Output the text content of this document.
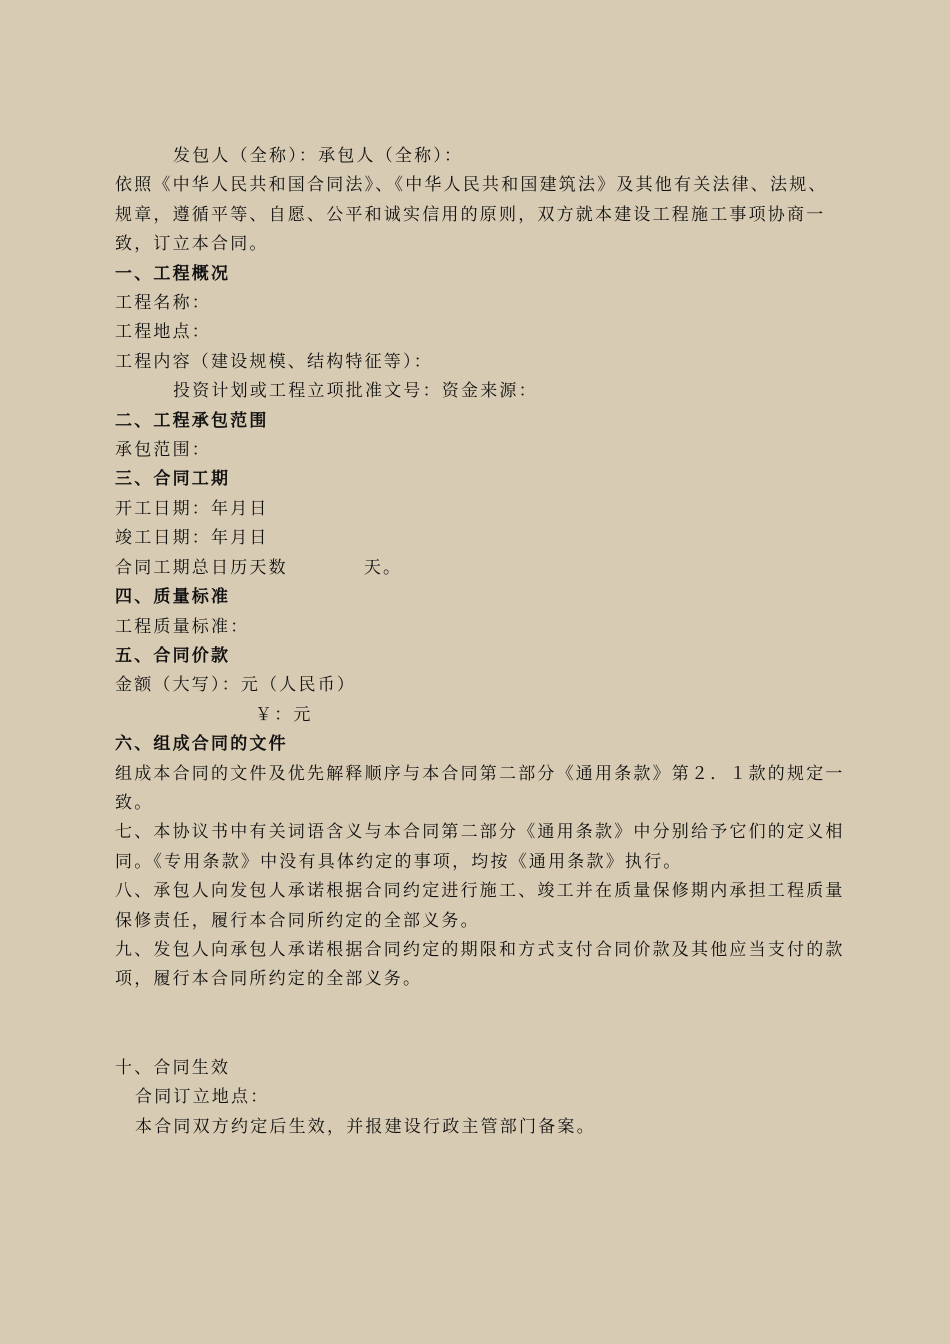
发包人（全称）：承包人（全称）：

依照《中华人民共和国合同法》、《中华人民共和国建筑法》及其他有关法律、法规、规章，遵循平等、自愿、公平和诚实信用的原则，双方就本建设工程施工事项协商一致，订立本合同。

一、工程概况

工程名称：

工程地点：

工程内容（建设规模、结构特征等）：

投资计划或工程立项批准文号：资金来源：

二、工程承包范围

承包范围：

三、合同工期

开工日期：年月日

竣工日期：年月日

合同工期总日历天数          天。

四、质量标准

工程质量标准：

五、合同价款

金额（大写）：元（人民币）

￥：元

六、组成合同的文件

组成本合同的文件及优先解释顺序与本合同第二部分《通用条款》第２．１款的规定一致。

七、本协议书中有关词语含义与本合同第二部分《通用条款》中分别给予它们的定义相同。《专用条款》中没有具体约定的事项，均按《通用条款》执行。

八、承包人向发包人承诺根据合同约定进行施工、竣工并在质量保修期内承担工程质量保修责任，履行本合同所约定的全部义务。

九、发包人向承包人承诺根据合同约定的期限和方式支付合同价款及其他应当支付的款项，履行本合同所约定的全部义务。

十、合同生效

合同订立地点：

本合同双方约定后生效，并报建设行政主管部门备案。
